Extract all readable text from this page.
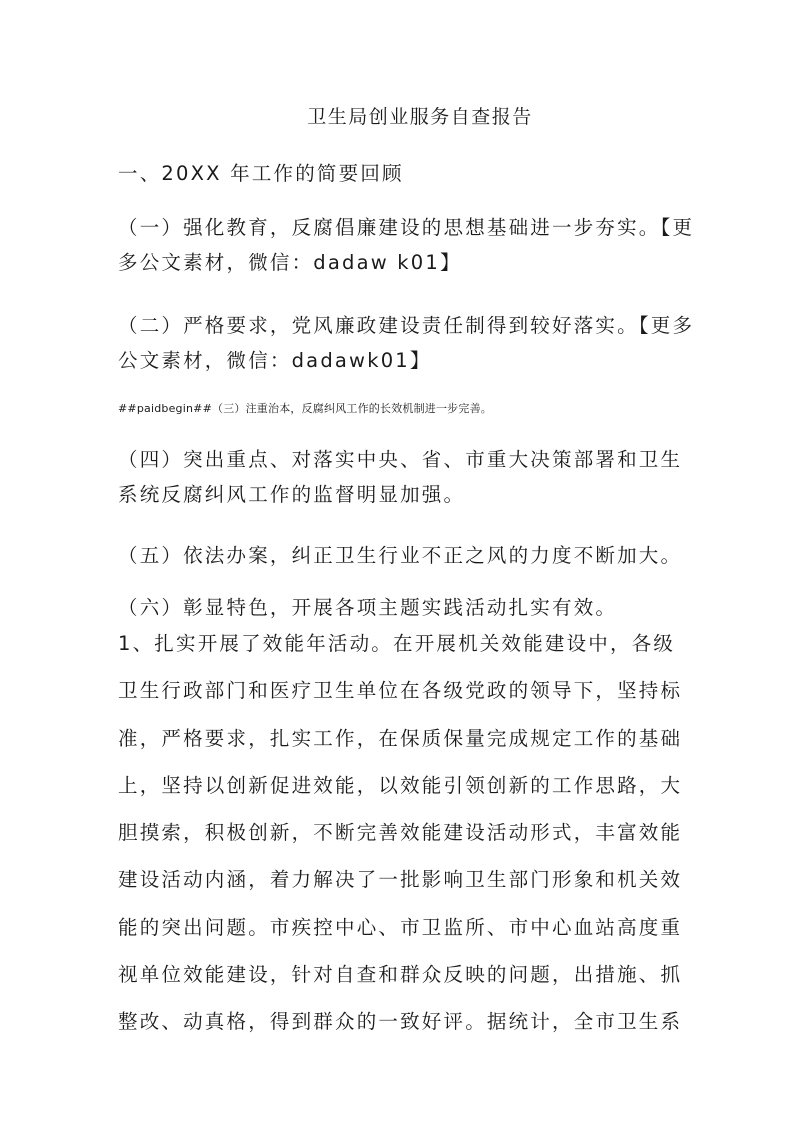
卫生局创业服务自查报告
一、20XX 年工作的简要回顾
（一）强化教育，反腐倡廉建设的思想基础进一步夯实。【更
多公文素材，微信：dadaw k01】
（二）严格要求，党风廉政建设责任制得到较好落实。【更多
公文素材，微信：dadawk01】
##paidbegin##（三）注重治本，反腐纠风工作的长效机制进一步完善。
（四）突出重点、对落实中央、省、市重大决策部署和卫生
系统反腐纠风工作的监督明显加强。
（五）依法办案，纠正卫生行业不正之风的力度不断加大。
（六）彰显特色，开展各项主题实践活动扎实有效。
1、扎实开展了效能年活动。在开展机关效能建设中，各级
卫生行政部门和医疗卫生单位在各级党政的领导下，坚持标
准，严格要求，扎实工作，在保质保量完成规定工作的基础
上，坚持以创新促进效能，以效能引领创新的工作思路，大
胆摸索，积极创新，不断完善效能建设活动形式，丰富效能
建设活动内涵，着力解决了一批影响卫生部门形象和机关效
能的突出问题。市疾控中心、市卫监所、市中心血站高度重
视单位效能建设，针对自查和群众反映的问题，出措施、抓
整改、动真格，得到群众的一致好评。据统计，全市卫生系
